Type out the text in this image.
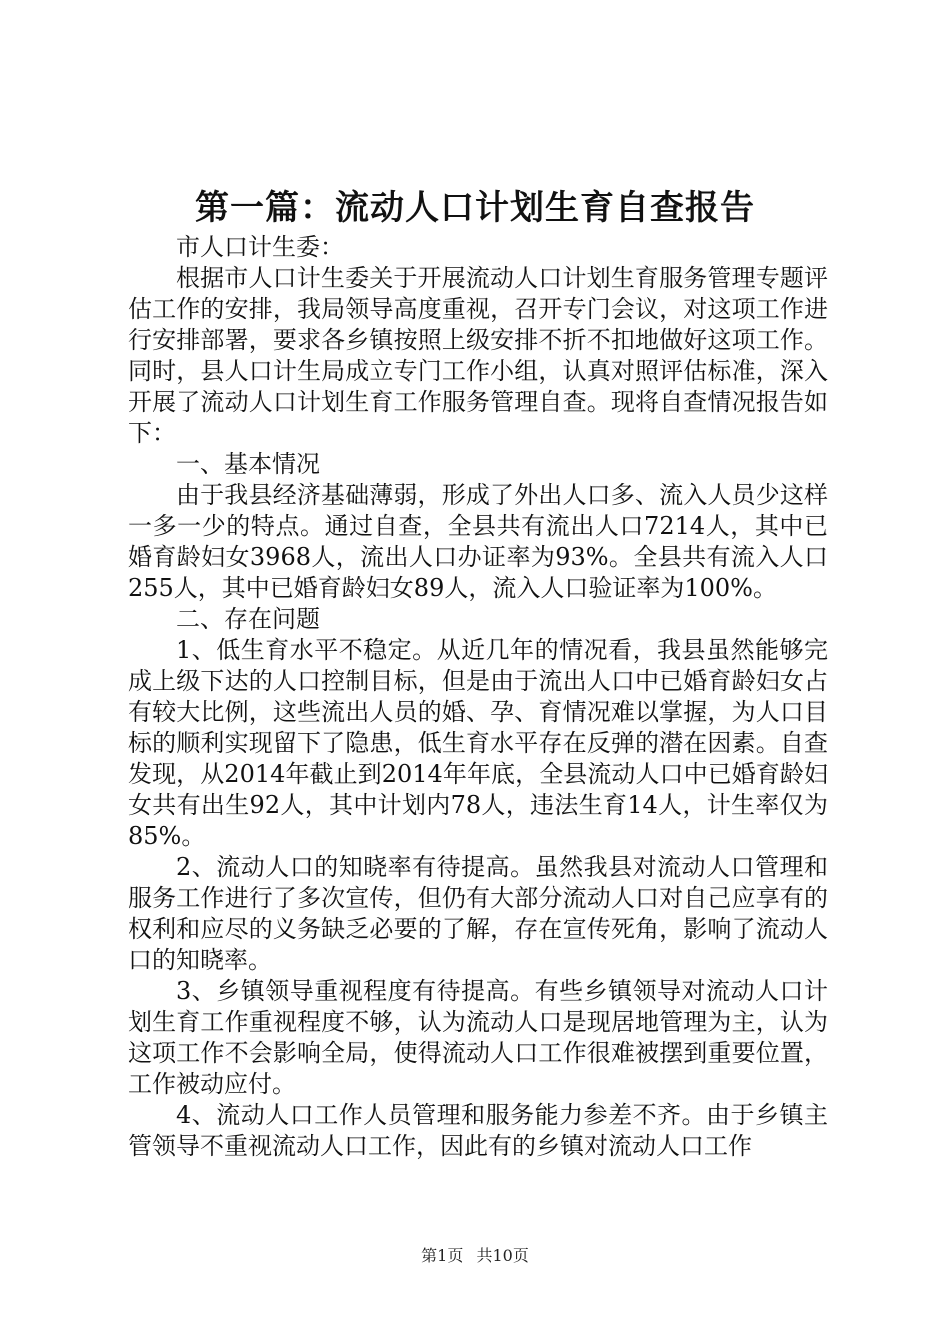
第一篇：流动人口计划生育自查报告

市人口计生委：

根据市人口计生委关于开展流动人口计划生育服务管理专题评估工作的安排，我局领导高度重视，召开专门会议，对这项工作进行安排部署，要求各乡镇按照上级安排不折不扣地做好这项工作。同时，县人口计生局成立专门工作小组，认真对照评估标准，深入开展了流动人口计划生育工作服务管理自查。现将自查情况报告如下：

一、基本情况

由于我县经济基础薄弱，形成了外出人口多、流入人员少这样一多一少的特点。通过自查，全县共有流出人口7214人，其中已婚育龄妇女3968人，流出人口办证率为93%。全县共有流入人口255人，其中已婚育龄妇女89人，流入人口验证率为100%。

二、存在问题

1、低生育水平不稳定。从近几年的情况看，我县虽然能够完成上级下达的人口控制目标，但是由于流出人口中已婚育龄妇女占有较大比例，这些流出人员的婚、孕、育情况难以掌握，为人口目标的顺利实现留下了隐患，低生育水平存在反弹的潜在因素。自查发现，从2014年截止到2014年年底，全县流动人口中已婚育龄妇女共有出生92人，其中计划内78人，违法生育14人，计生率仅为85%。

2、流动人口的知晓率有待提高。虽然我县对流动人口管理和服务工作进行了多次宣传，但仍有大部分流动人口对自己应享有的权利和应尽的义务缺乏必要的了解，存在宣传死角，影响了流动人口的知晓率。

3、乡镇领导重视程度有待提高。有些乡镇领导对流动人口计划生育工作重视程度不够，认为流动人口是现居地管理为主，认为这项工作不会影响全局，使得流动人口工作很难被摆到重要位置，工作被动应付。

4、流动人口工作人员管理和服务能力参差不齐。由于乡镇主管领导不重视流动人口工作，因此有的乡镇对流动人口工作

第1页 共10页
